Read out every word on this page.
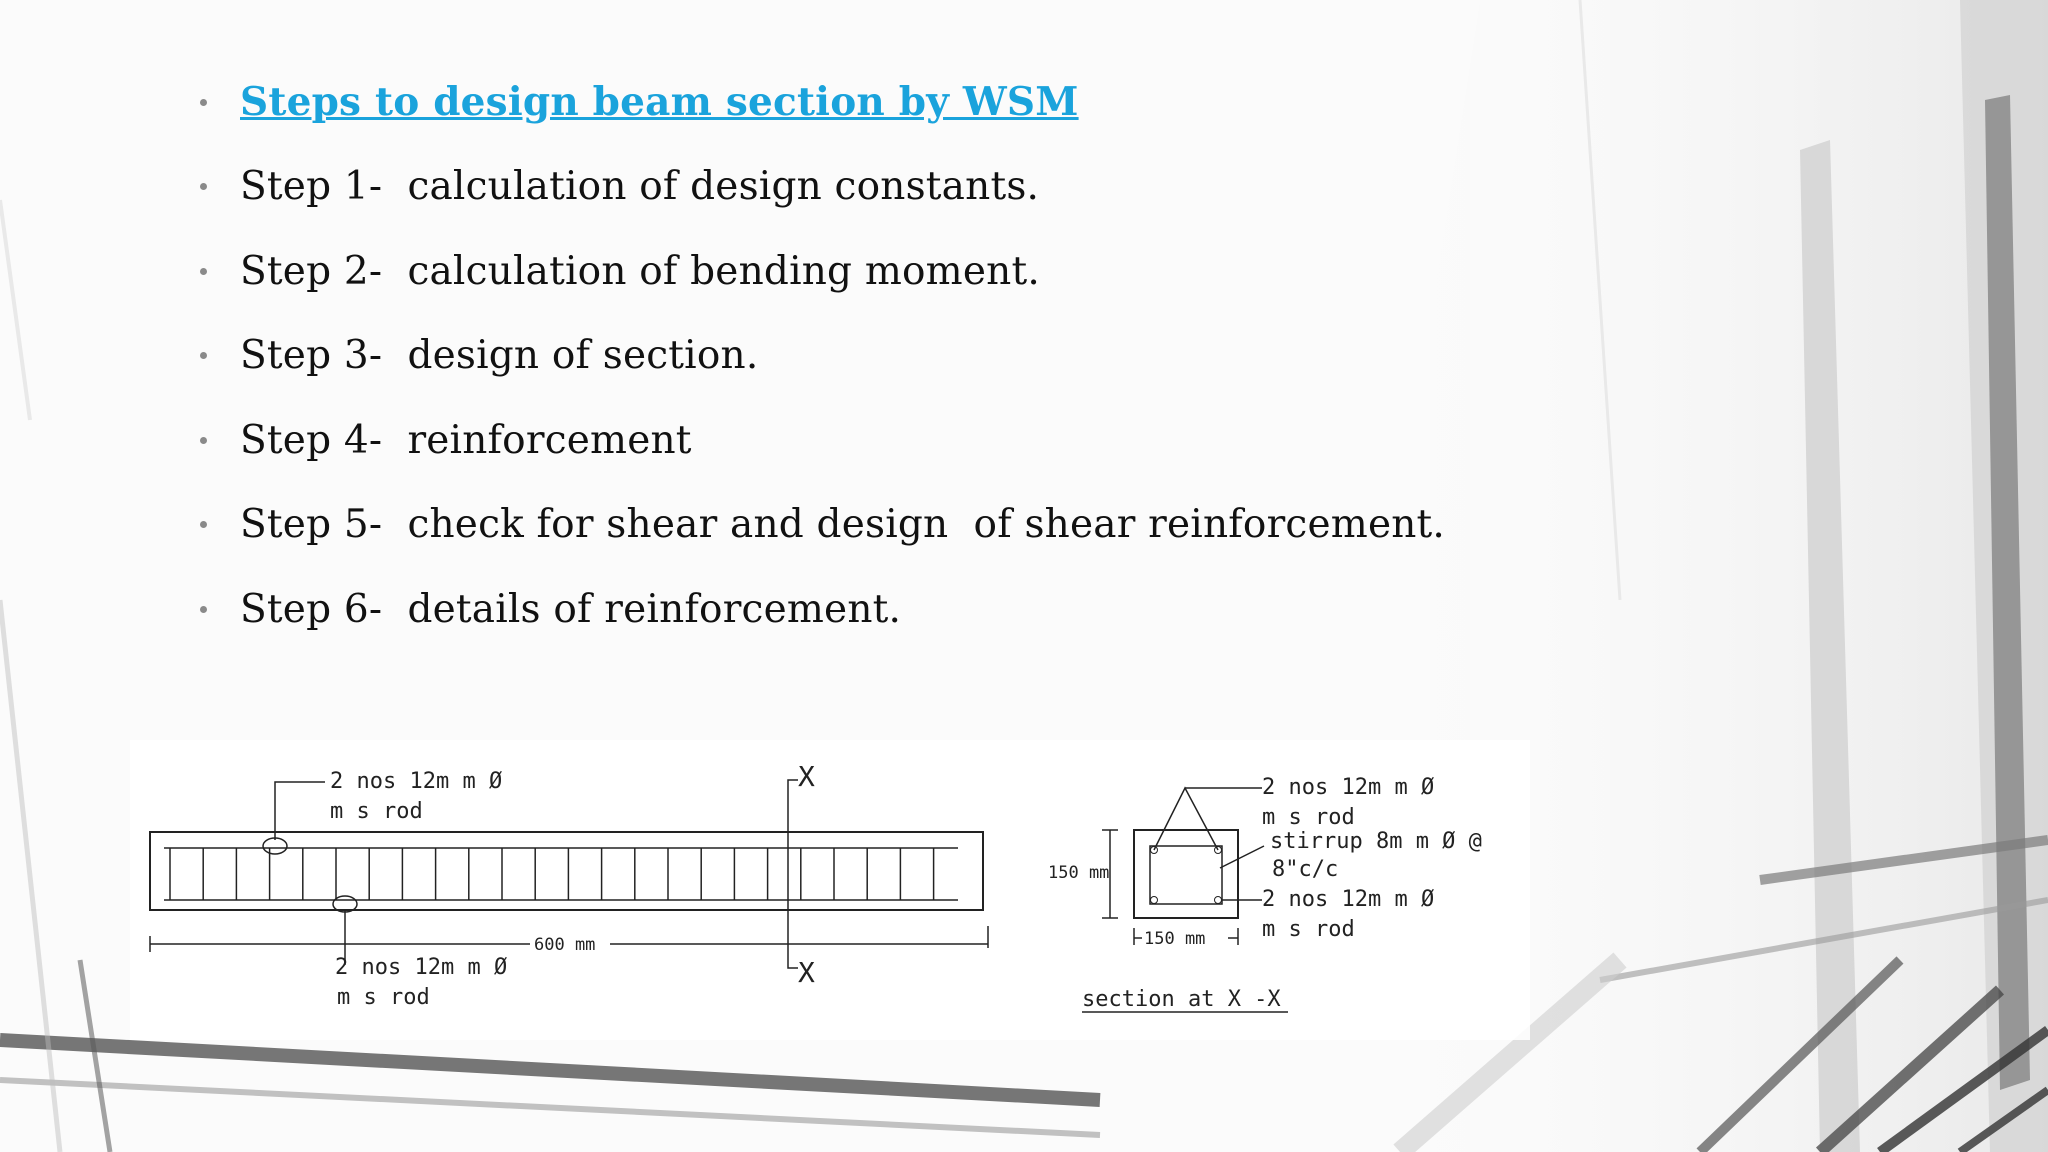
Steps to design beam section by WSM
Step 1- calculation of design constants.
Step 2- calculation of bending moment.
Step 3- design of section.
Step 4- reinforcement
Step 5- check for shear and design  of shear reinforcement.
Step 6- details of reinforcement.
2 nos 12m m Ø
m s rod
2 nos 12m m Ø
m s rod
600 mm
X
X
2 nos 12m m Ø
m s rod
stirrup 8m m Ø @
8"c/c
2 nos 12m m Ø
m s rod
150 mm
150 mm
section at X -X
